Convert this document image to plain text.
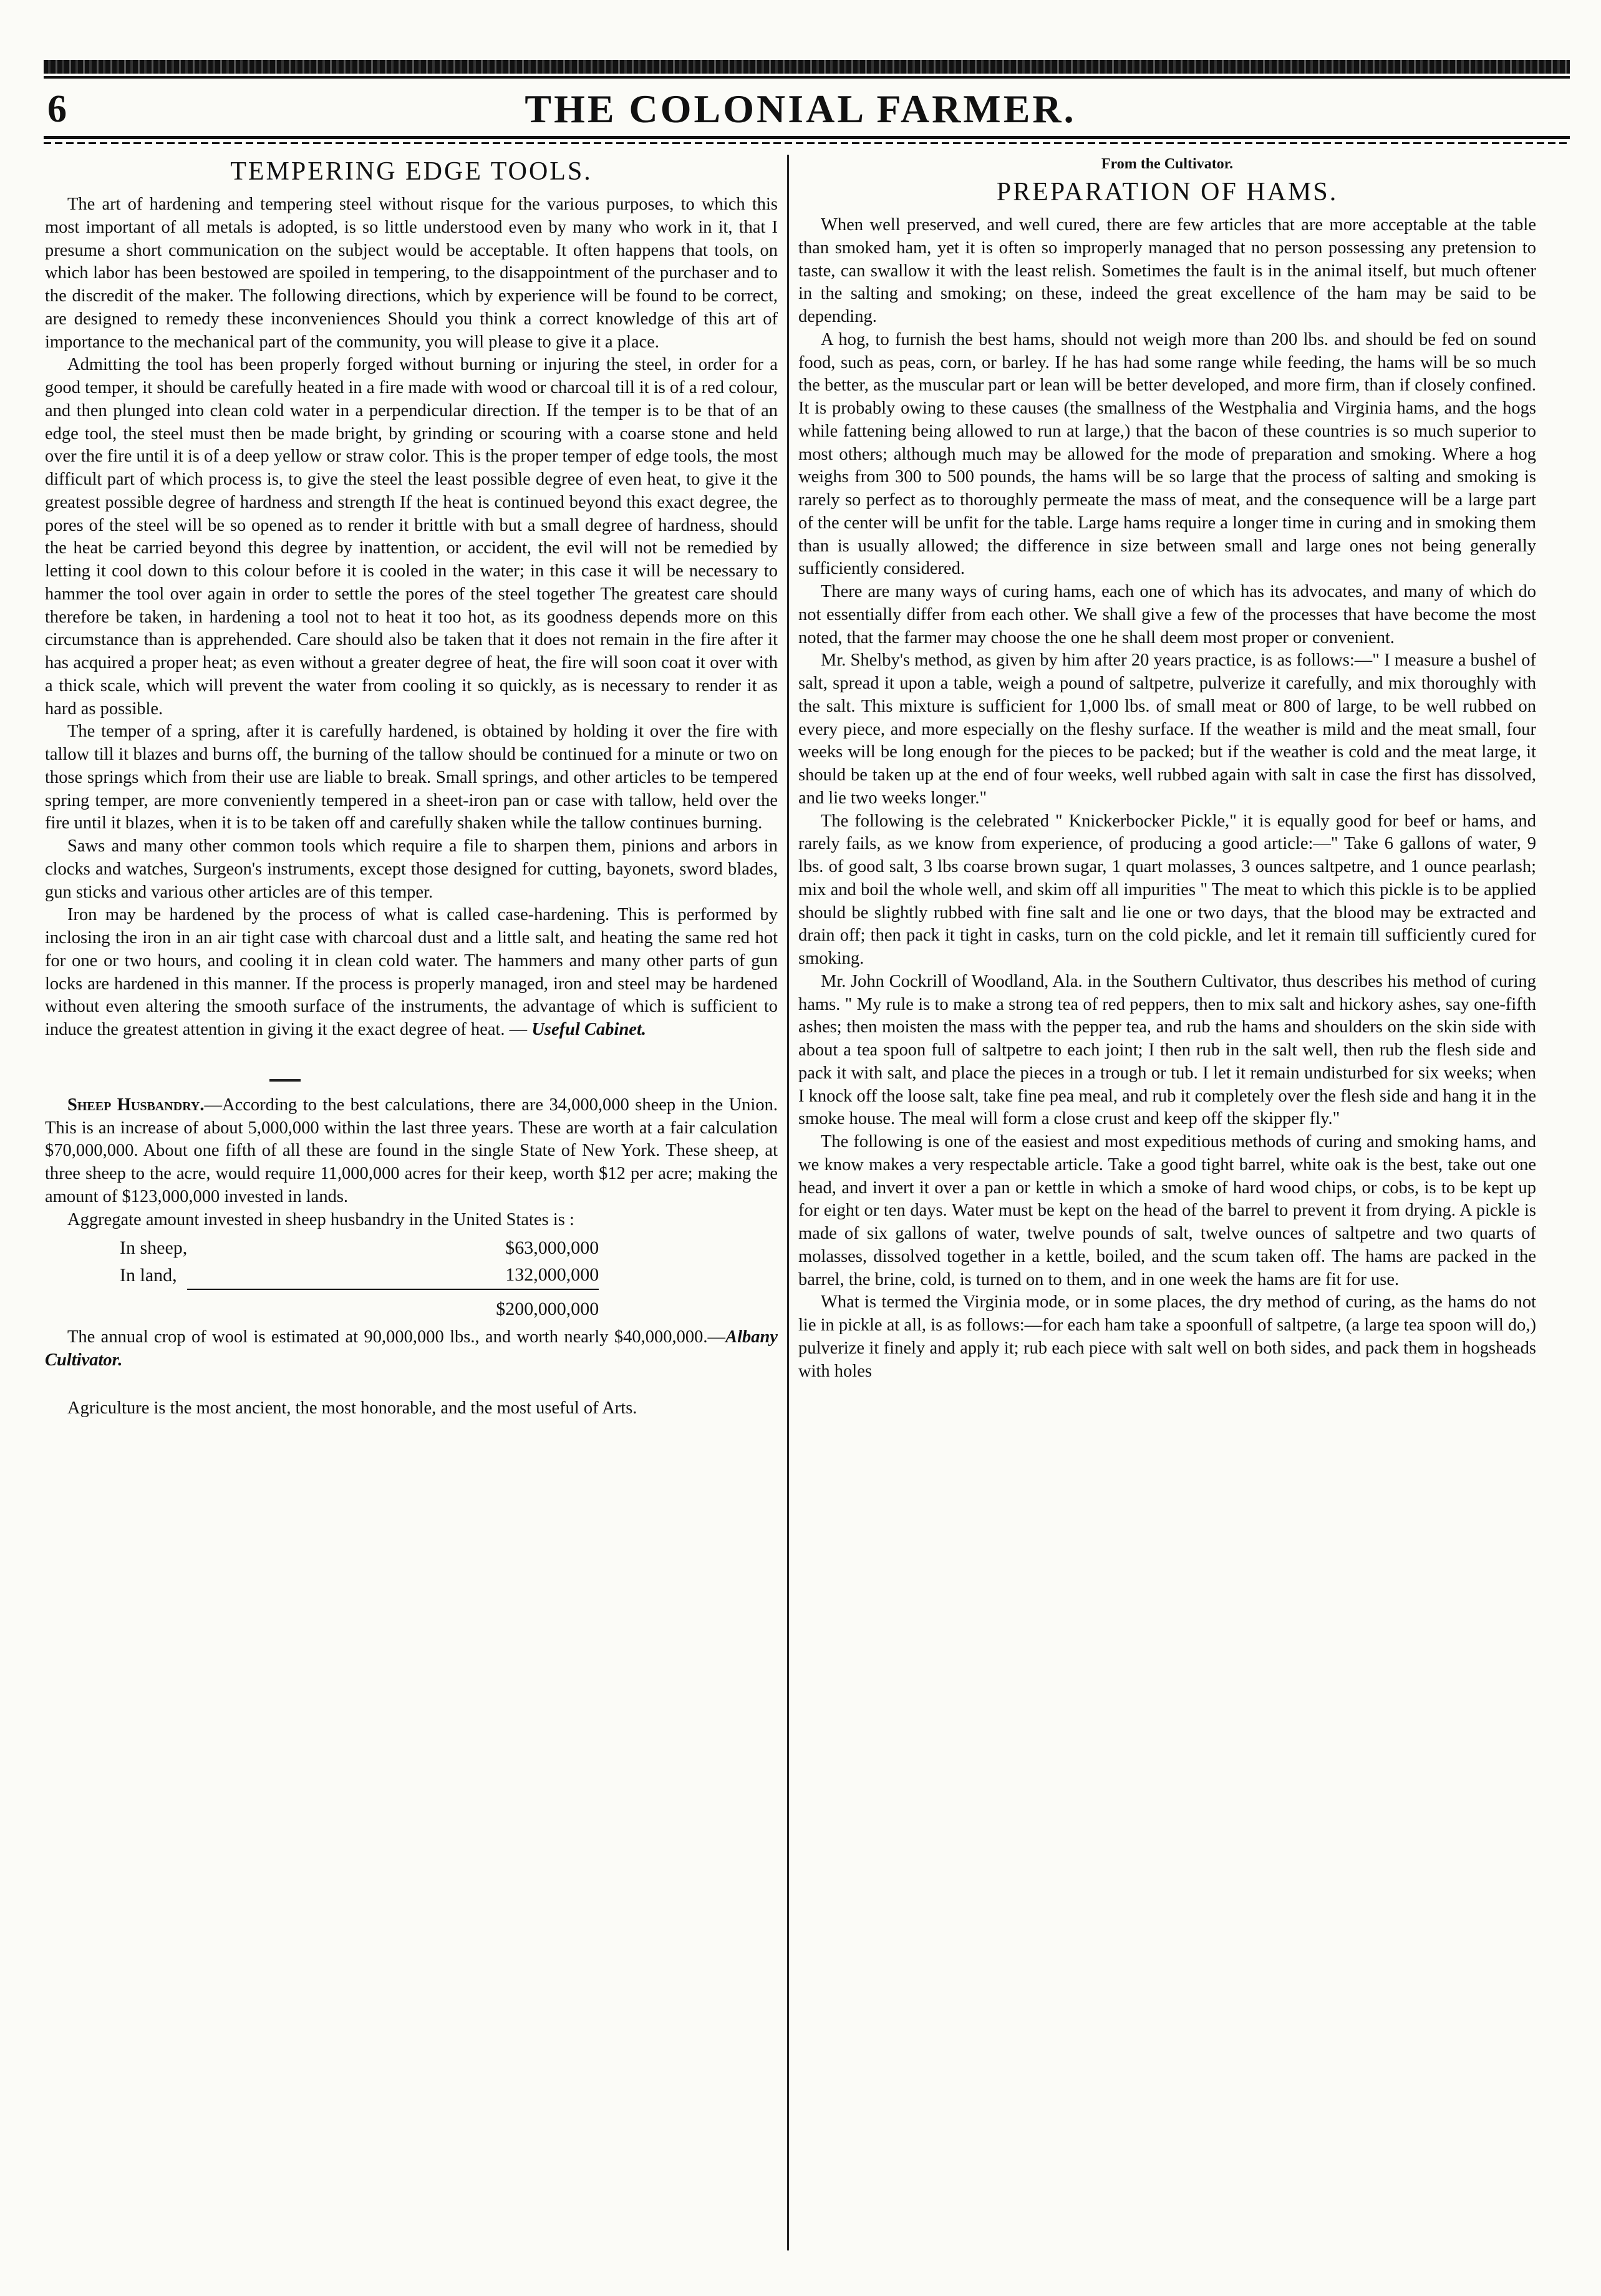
6	THE COLONIAL FARMER.
TEMPERING EDGE TOOLS.

The art of hardening and tempering steel without risque for the various purposes, to which this most important of all metals is adopted, is so little understood even by many who work in it, that I presume a short communication on the subject would be acceptable. It often happens that tools, on which labor has been bestowed are spoiled in tempering, to the disappointment of the purchaser and to the discredit of the maker. The following directions, which by experience will be found to be correct, are designed to remedy these inconveniences Should you think a correct knowledge of this art of importance to the mechanical part of the community, you will please to give it a place.

Admitting the tool has been properly forged without burning or injuring the steel, in order for a good temper, it should be carefully heated in a fire made with wood or charcoal till it is of a red colour, and then plunged into clean cold water in a perpendicular direction. If the temper is to be that of an edge tool, the steel must then be made bright, by grinding or scouring with a coarse stone and held over the fire until it is of a deep yellow or straw color. This is the proper temper of edge tools, the most difficult part of which process is, to give the steel the least possible degree of even heat, to give it the greatest possible degree of hardness and strength If the heat is continued beyond this exact degree, the pores of the steel will be so opened as to render it brittle with but a small degree of hardness, should the heat be carried beyond this degree by inattention, or accident, the evil will not be remedied by letting it cool down to this colour before it is cooled in the water; in this case it will be necessary to hammer the tool over again in order to settle the pores of the steel together The greatest care should therefore be taken, in hardening a tool not to heat it too hot, as its goodness depends more on this circumstance than is apprehended. Care should also be taken that it does not remain in the fire after it has acquired a proper heat; as even without a greater degree of heat, the fire will soon coat it over with a thick scale, which will prevent the water from cooling it so quickly, as is necessary to render it as hard as possible.

The temper of a spring, after it is carefully hardened, is obtained by holding it over the fire with tallow till it blazes and burns off, the burning of the tallow should be continued for a minute or two on those springs which from their use are liable to break. Small springs, and other articles to be tempered spring temper, are more conveniently tempered in a sheet-iron pan or case with tallow, held over the fire until it blazes, when it is to be taken off and carefully shaken while the tallow continues burning.

Saws and many other common tools which require a file to sharpen them, pinions and arbors in clocks and watches, Surgeon's instruments, except those designed for cutting, bayonets, sword blades, gun sticks and various other articles are of this temper.

Iron may be hardened by the process of what is called case-hardening. This is performed by inclosing the iron in an air tight case with charcoal dust and a little salt, and heating the same red hot for one or two hours, and cooling it in clean cold water. The hammers and many other parts of gun locks are hardened in this manner. If the process is properly managed, iron and steel may be hardened without even altering the smooth surface of the instruments, the advantage of which is sufficient to induce the greatest attention in giving it the exact degree of heat. — Useful Cabinet.

Sheep Husbandry.—According to the best calculations, there are 34,000,000 sheep in the Union. This is an increase of about 5,000,000 within the last three years. These are worth at a fair calculation $70,000,000. About one fifth of all these are found in the single State of New York. These sheep, at three sheep to the acre, would require 11,000,000 acres for their keep, worth $12 per acre; making the amount of $123,000,000 invested in lands.

Aggregate amount invested in sheep husbandry in the United States is :

In sheep,	$63,000,000
In land,	132,000,000
	$200,000,000

The annual crop of wool is estimated at 90,000,000 lbs., and worth nearly $40,000,000.—Albany Cultivator.

Agriculture is the most ancient, the most honorable, and the most useful of Arts.

From the Cultivator.
PREPARATION OF HAMS.

When well preserved, and well cured, there are few articles that are more acceptable at the table than smoked ham, yet it is often so improperly managed that no person possessing any pretension to taste, can swallow it with the least relish. Sometimes the fault is in the animal itself, but much oftener in the salting and smoking; on these, indeed the great excellence of the ham may be said to be depending.

A hog, to furnish the best hams, should not weigh more than 200 lbs. and should be fed on sound food, such as peas, corn, or barley. If he has had some range while feeding, the hams will be so much the better, as the muscular part or lean will be better developed, and more firm, than if closely confined. It is probably owing to these causes (the smallness of the Westphalia and Virginia hams, and the hogs while fattening being allowed to run at large,) that the bacon of these countries is so much superior to most others; although much may be allowed for the mode of preparation and smoking. Where a hog weighs from 300 to 500 pounds, the hams will be so large that the process of salting and smoking is rarely so perfect as to thoroughly permeate the mass of meat, and the consequence will be a large part of the center will be unfit for the table. Large hams require a longer time in curing and in smoking them than is usually allowed; the difference in size between small and large ones not being generally sufficiently considered.

There are many ways of curing hams, each one of which has its advocates, and many of which do not essentially differ from each other. We shall give a few of the processes that have become the most noted, that the farmer may choose the one he shall deem most proper or convenient.

Mr. Shelby's method, as given by him after 20 years practice, is as follows:—" I measure a bushel of salt, spread it upon a table, weigh a pound of saltpetre, pulverize it carefully, and mix thoroughly with the salt. This mixture is sufficient for 1,000 lbs. of small meat or 800 of large, to be well rubbed on every piece, and more especially on the fleshy surface. If the weather is mild and the meat small, four weeks will be long enough for the pieces to be packed; but if the weather is cold and the meat large, it should be taken up at the end of four weeks, well rubbed again with salt in case the first has dissolved, and lie two weeks longer."

The following is the celebrated " Knickerbocker Pickle," it is equally good for beef or hams, and rarely fails, as we know from experience, of producing a good article:—" Take 6 gallons of water, 9 lbs. of good salt, 3 lbs coarse brown sugar, 1 quart molasses, 3 ounces saltpetre, and 1 ounce pearlash; mix and boil the whole well, and skim off all impurities " The meat to which this pickle is to be applied should be slightly rubbed with fine salt and lie one or two days, that the blood may be extracted and drain off; then pack it tight in casks, turn on the cold pickle, and let it remain till sufficiently cured for smoking.

Mr. John Cockrill of Woodland, Ala. in the Southern Cultivator, thus describes his method of curing hams. " My rule is to make a strong tea of red peppers, then to mix salt and hickory ashes, say one-fifth ashes; then moisten the mass with the pepper tea, and rub the hams and shoulders on the skin side with about a tea spoon full of saltpetre to each joint; I then rub in the salt well, then rub the flesh side and pack it with salt, and place the pieces in a trough or tub. I let it remain undisturbed for six weeks; when I knock off the loose salt, take fine pea meal, and rub it completely over the flesh side and hang it in the smoke house. The meal will form a close crust and keep off the skipper fly."

The following is one of the easiest and most expeditious methods of curing and smoking hams, and we know makes a very respectable article. Take a good tight barrel, white oak is the best, take out one head, and invert it over a pan or kettle in which a smoke of hard wood chips, or cobs, is to be kept up for eight or ten days. Water must be kept on the head of the barrel to prevent it from drying. A pickle is made of six gallons of water, twelve pounds of salt, twelve ounces of saltpetre and two quarts of molasses, dissolved together in a kettle, boiled, and the scum taken off. The hams are packed in the barrel, the brine, cold, is turned on to them, and in one week the hams are fit for use.

What is termed the Virginia mode, or in some places, the dry method of curing, as the hams do not lie in pickle at all, is as follows:—for each ham take a spoonfull of saltpetre, (a large tea spoon will do,) pulverize it finely and apply it; rub each piece with salt well on both sides, and pack them in hogsheads with holes
